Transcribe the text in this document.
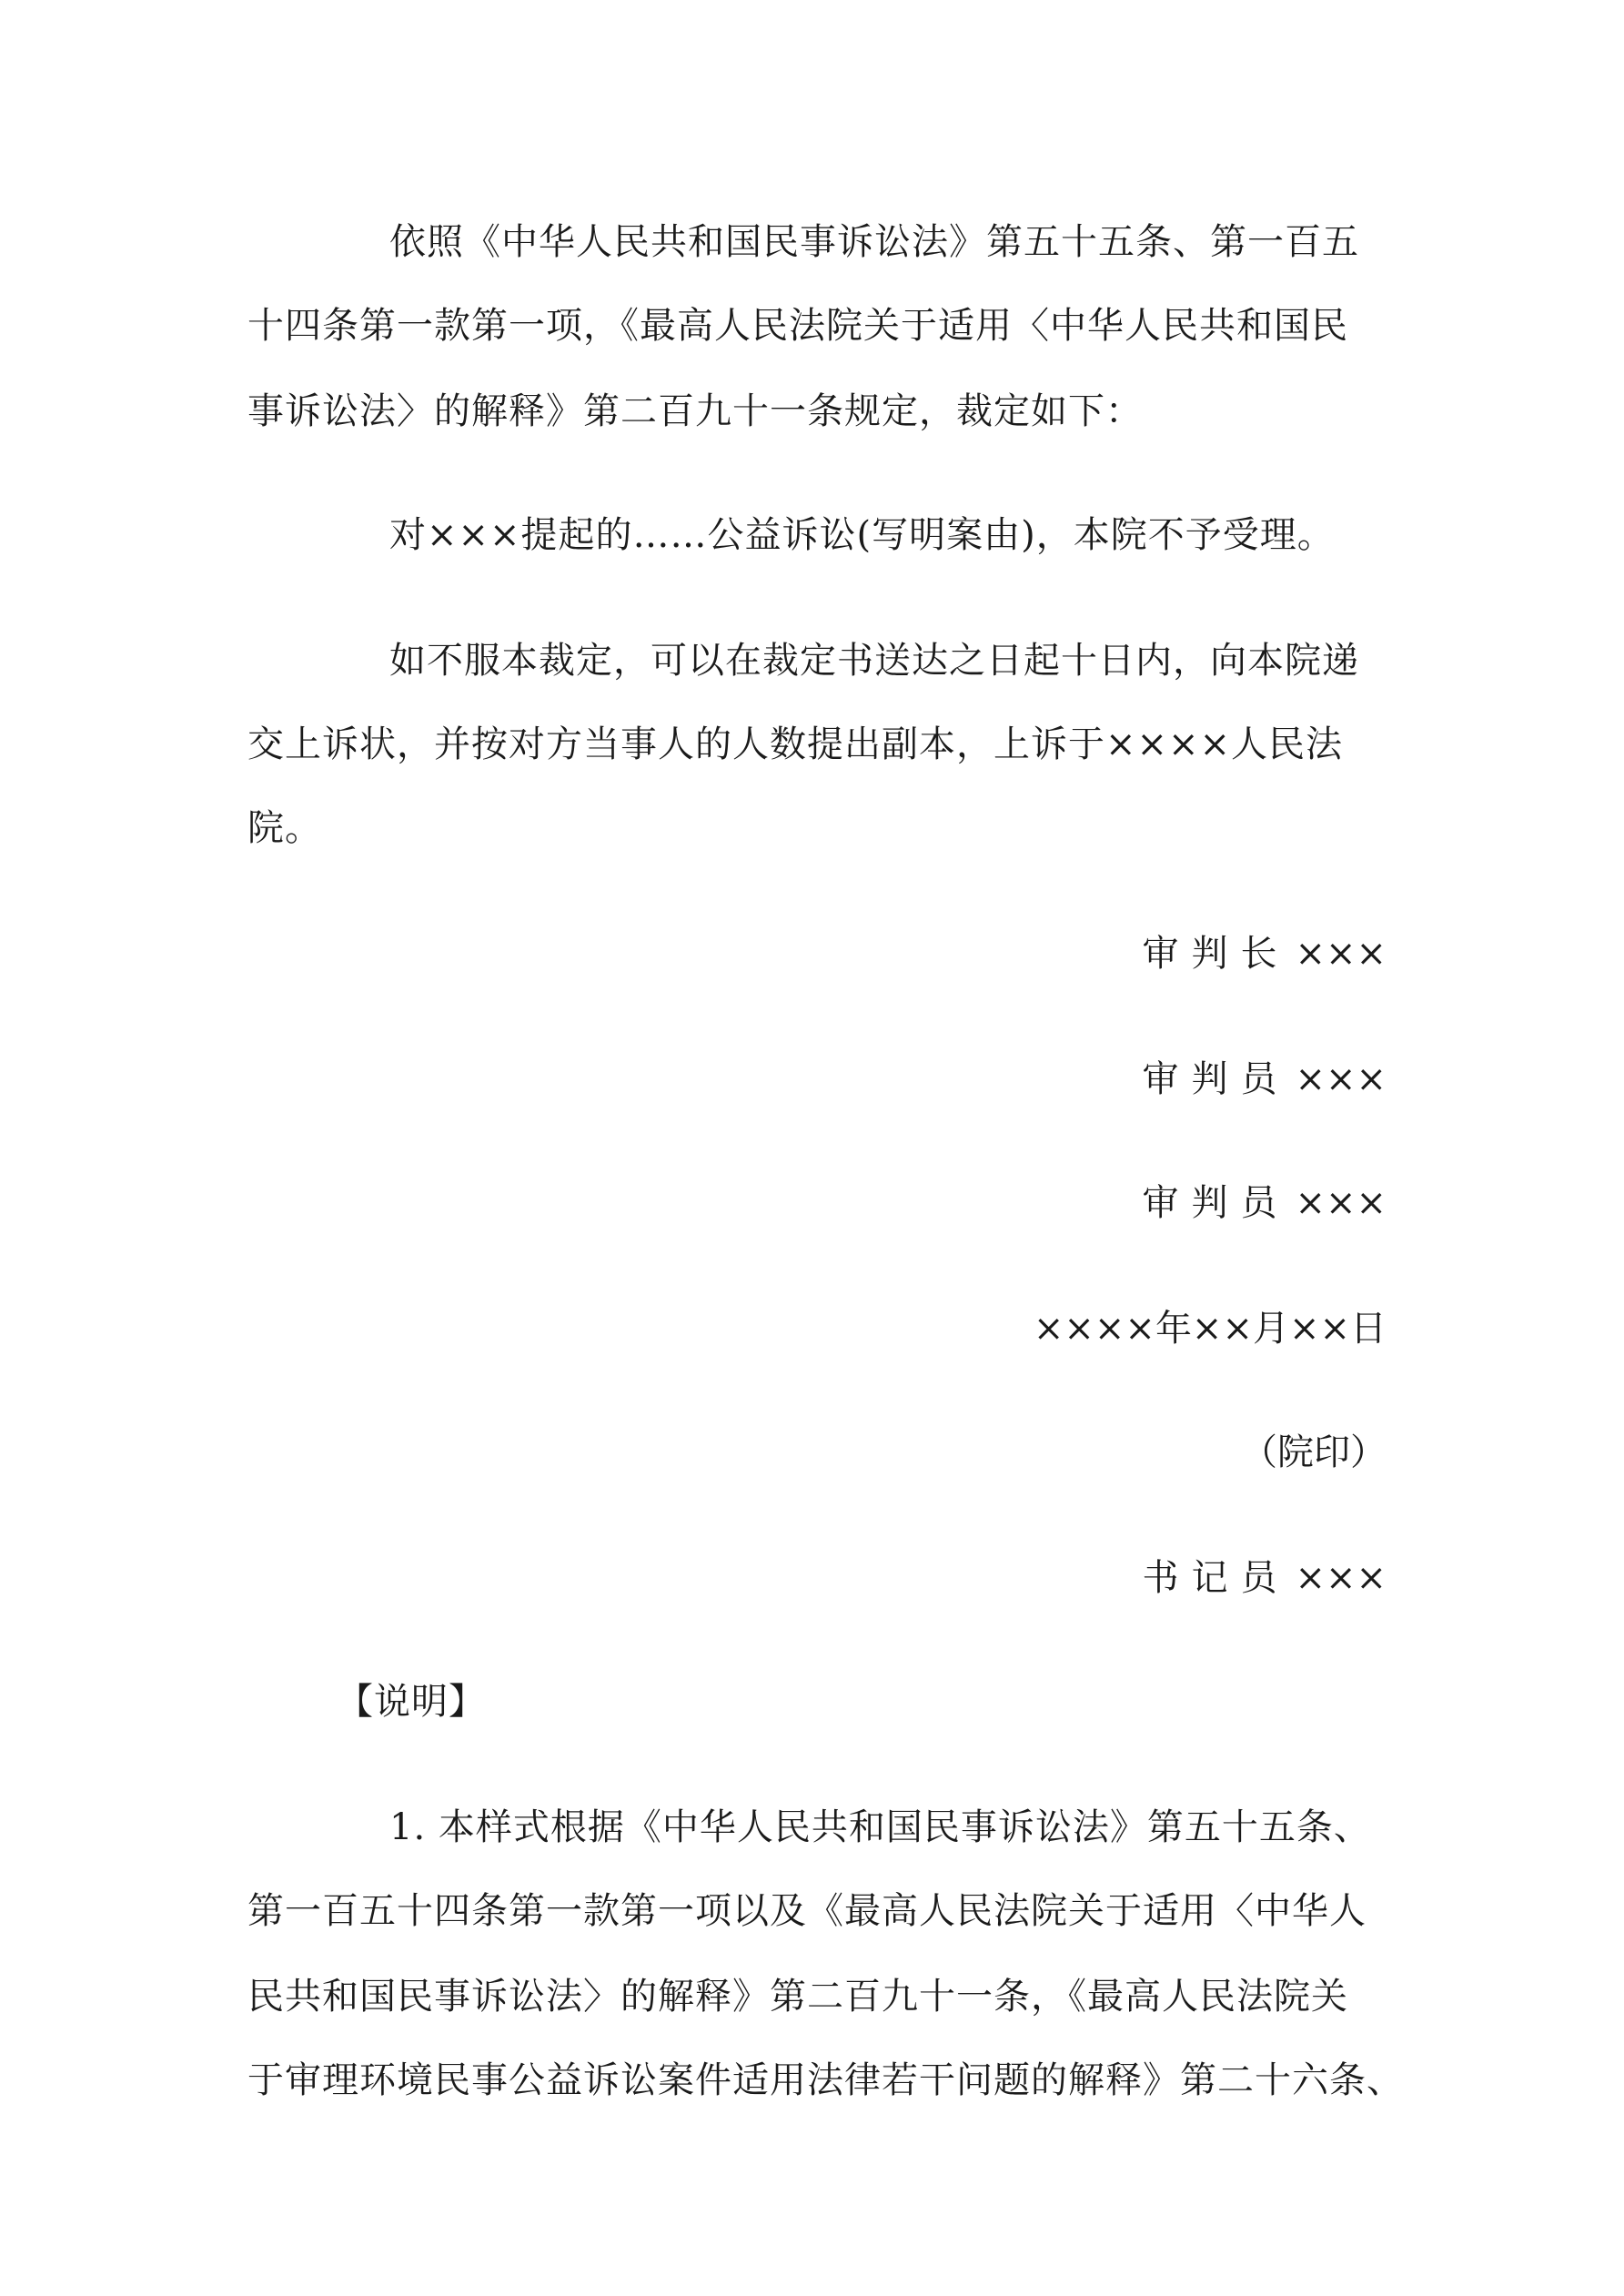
依照《中华人民共和国民事诉讼法》第五十五条、第一百五
十四条第一款第一项，《最高人民法院关于适用〈中华人民共和国民
事诉讼法〉的解释》第二百九十一条规定，裁定如下：
对×××提起的……公益诉讼(写明案由)，本院不予受理。
如不服本裁定，可以在裁定书送达之日起十日内，向本院递
交上诉状，并按对方当事人的人数提出副本，上诉于××××人民法
院。
审判长 ×××
审判员 ×××
审判员 ×××
××××年××月××日
（院印）
书记员 ×××
【说明】
1. 本样式根据《中华人民共和国民事诉讼法》第五十五条、
第一百五十四条第一款第一项以及《最高人民法院关于适用〈中华人
民共和国民事诉讼法〉的解释》第二百九十一条，《最高人民法院关
于审理环境民事公益诉讼案件适用法律若干问题的解释》第二十六条、
